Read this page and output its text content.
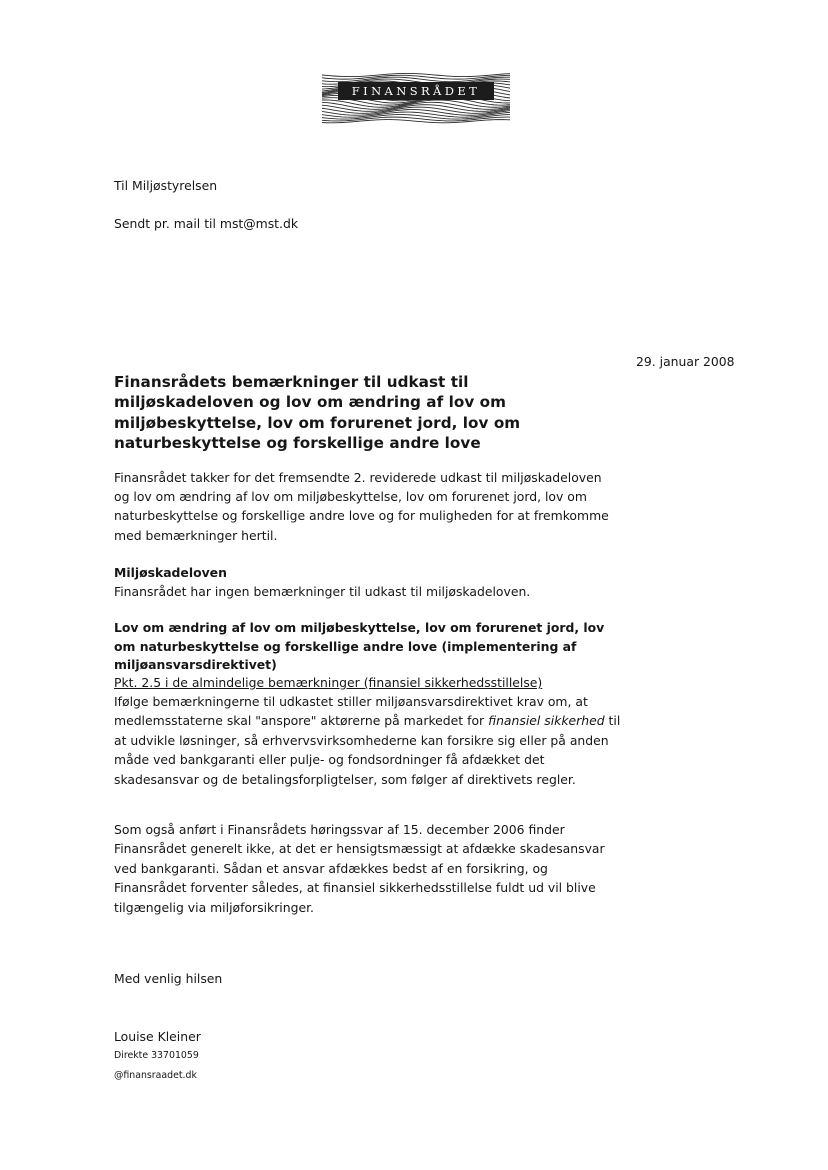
FINANSRÅDET

Til Miljøstyrelsen

Sendt pr. mail til mst@mst.dk

29. januar 2008

Finansrådets bemærkninger til udkast til miljøskadeloven og lov om ændring af lov om miljøbeskyttelse, lov om forurenet jord, lov om naturbeskyttelse og forskellige andre love

Finansrådet takker for det fremsendte 2. reviderede udkast til miljøskadeloven og lov om ændring af lov om miljøbeskyttelse, lov om forurenet jord, lov om naturbeskyttelse og forskellige andre love og for muligheden for at fremkomme med bemærkninger hertil.

Miljøskadeloven
Finansrådet har ingen bemærkninger til udkast til miljøskadeloven.
Lov om ændring af lov om miljøbeskyttelse, lov om forurenet jord, lov om naturbeskyttelse og forskellige andre love (implementering af miljøansvarsdirektivet)
Pkt. 2.5 i de almindelige bemærkninger (finansiel sikkerhedsstillelse)

Ifølge bemærkningerne til udkastet stiller miljøansvarsdirektivet krav om, at medlemsstaterne skal "anspore" aktørerne på markedet for finansiel sikkerhed til at udvikle løsninger, så erhvervsvirksomhederne kan forsikre sig eller på anden måde ved bankgaranti eller pulje- og fondsordninger få afdækket det skadesansvar og de betalingsforpligtelser, som følger af direktivets regler.

Som også anført i Finansrådets høringssvar af 15. december 2006 finder Finansrådet generelt ikke, at det er hensigtsmæssigt at afdække skadesansvar ved bankgaranti. Sådan et ansvar afdækkes bedst af en forsikring, og Finansrådet forventer således, at finansiel sikkerhedsstillelse fuldt ud vil blive tilgængelig via miljøforsikringer.

Med venlig hilsen

Louise Kleiner

Direkte 33701059

@finansraadet.dk
